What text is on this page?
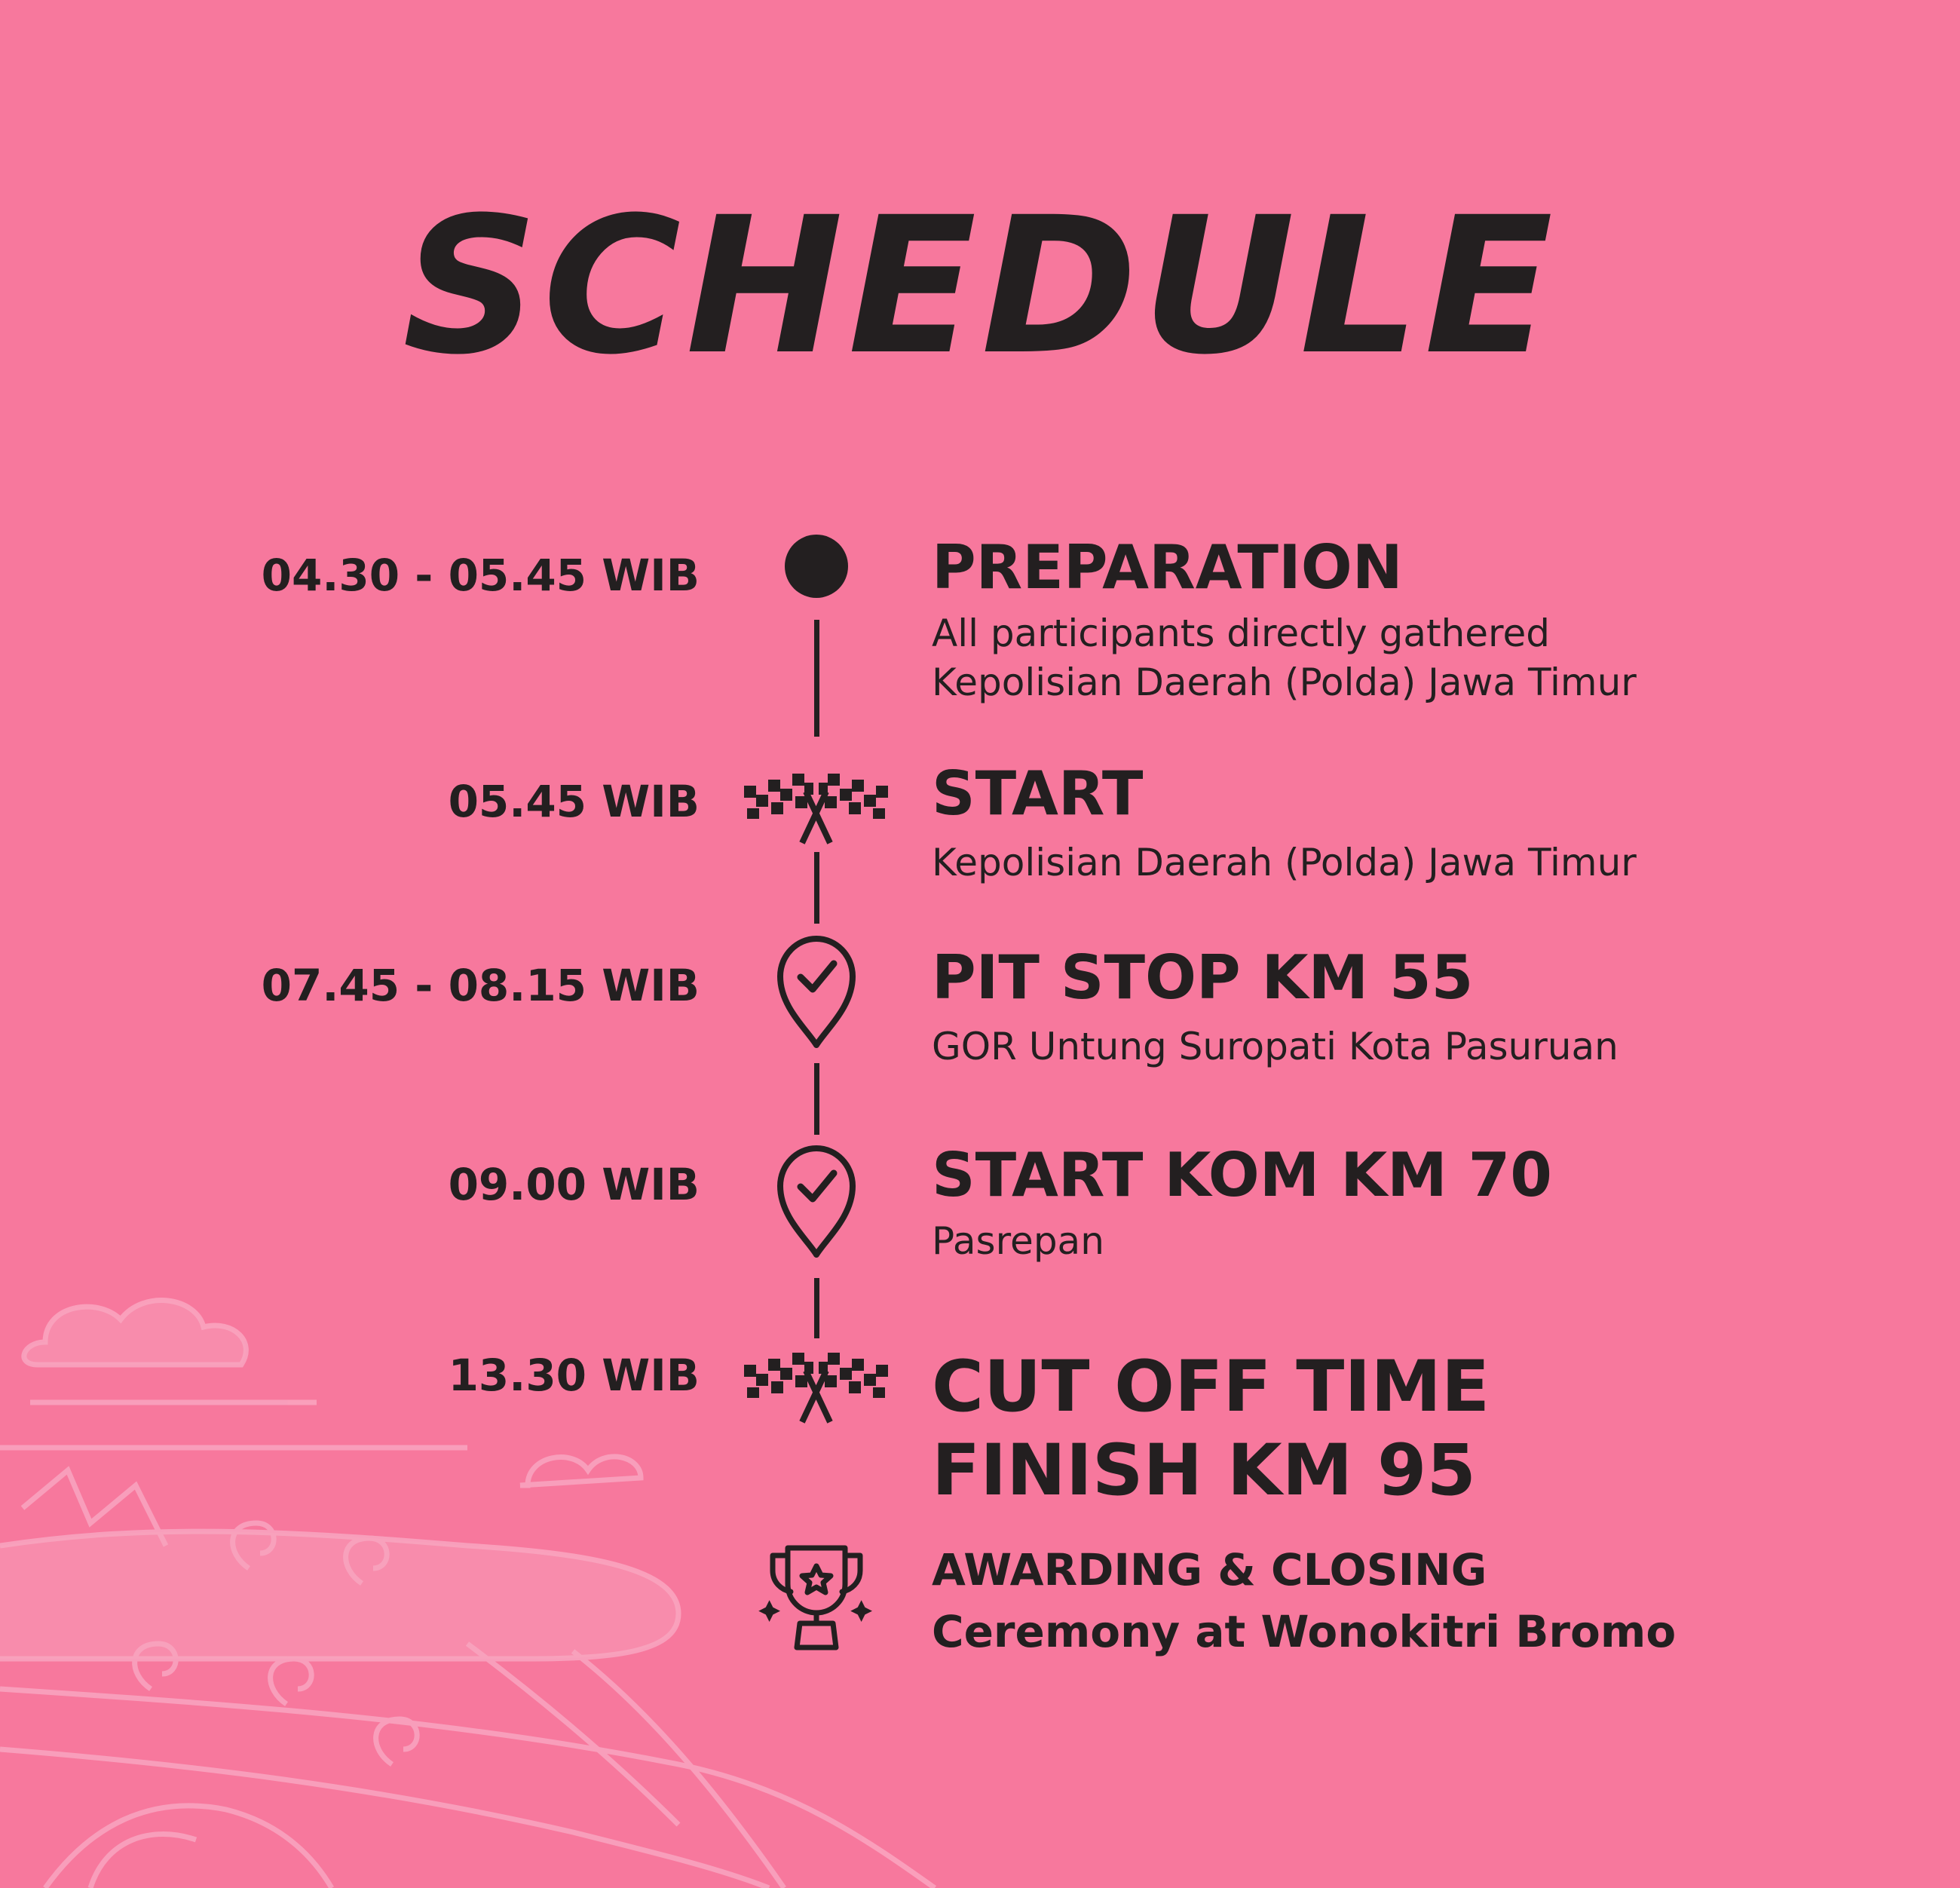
SCHEDULE
04.30 - 05.45 WIB	PREPARATION
All participants directly gathered
Kepolisian Daerah (Polda) Jawa Timur
05.45 WIB	START
Kepolisian Daerah (Polda) Jawa Timur
07.45 - 08.15 WIB	PIT STOP KM 55
GOR Untung Suropati Kota Pasuruan
09.00 WIB	START KOM KM 70
Pasrepan
13.30 WIB	CUT OFF TIME
FINISH KM 95
AWARDING & CLOSING
Ceremony at Wonokitri Bromo
